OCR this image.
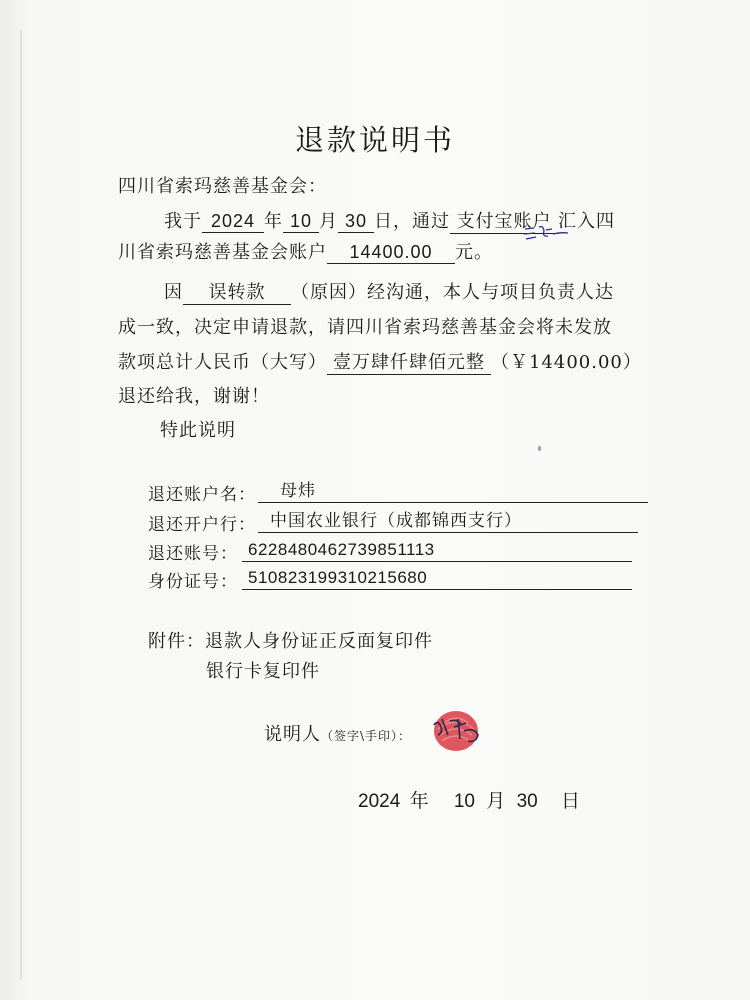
退款说明书
四川省索玛慈善基金会：
我于 2024 年 10 月 30 日，通过 支付宝账户 汇入四
川省索玛慈善基金会账户 14400.00 元。
因 误转款 （原因）经沟通，本人与项目负责人达
成一致，决定申请退款，请四川省索玛慈善基金会将未发放
款项总计人民币（大写） 壹万肆仟肆佰元整 （￥14400.00）
退还给我，谢谢！
特此说明
退还账户名：	母炜
退还开户行： 中国农业银行（成都锦西支行）
退还账号： 6228480462739851113
身份证号： 510823199310215680
附件：退款人身份证正反面复印件
银行卡复印件
说明人（签字\手印）：
2024 年 10 月 30 日
